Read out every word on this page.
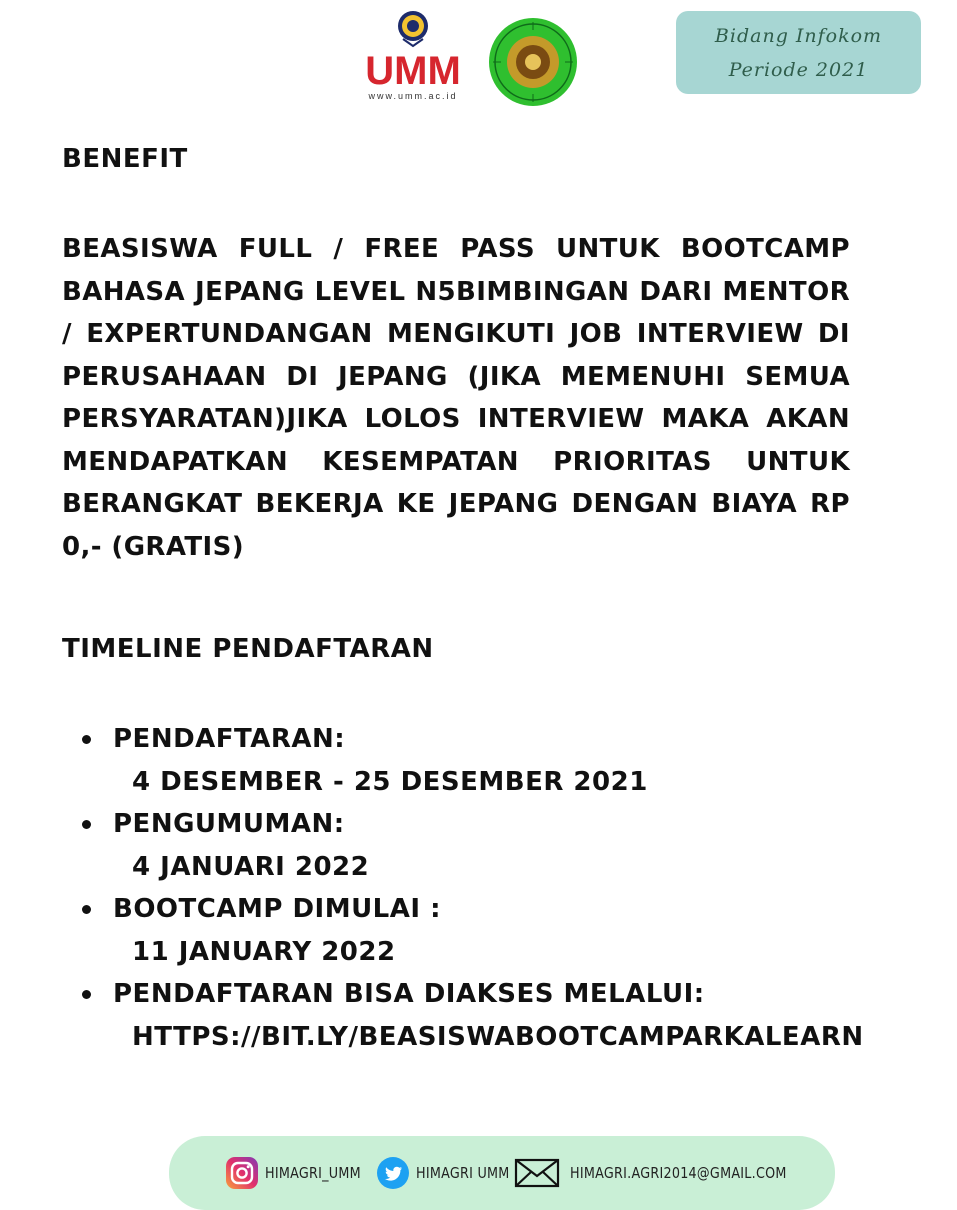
UMM
www.umm.ac.id
Bidang Infokom
Periode 2021
BENEFIT

BEASISWA FULL / FREE PASS UNTUK BOOTCAMP BAHASA JEPANG LEVEL N5BIMBINGAN DARI MENTOR / EXPERTUNDANGAN MENGIKUTI JOB INTERVIEW DI PERUSAHAAN DI JEPANG (JIKA MEMENUHI SEMUA PERSYARATAN)JIKA LOLOS INTERVIEW MAKA AKAN MENDAPATKAN KESEMPATAN PRIORITAS UNTUK BERANGKAT BEKERJA KE JEPANG DENGAN BIAYA RP 0,- (GRATIS)

TIMELINE PENDAFTARAN
PENDAFTARAN:
4 DESEMBER - 25 DESEMBER 2021
PENGUMUMAN:
4 JANUARI 2022
BOOTCAMP DIMULAI :
11 JANUARY 2022
PENDAFTARAN BISA DIAKSES MELALUI:
HTTPS://BIT.LY/BEASISWABOOTCAMPARKALEARN
HIMAGRI_UMM	HIMAGRI UMM	HIMAGRI.AGRI2014@GMAIL.COM
